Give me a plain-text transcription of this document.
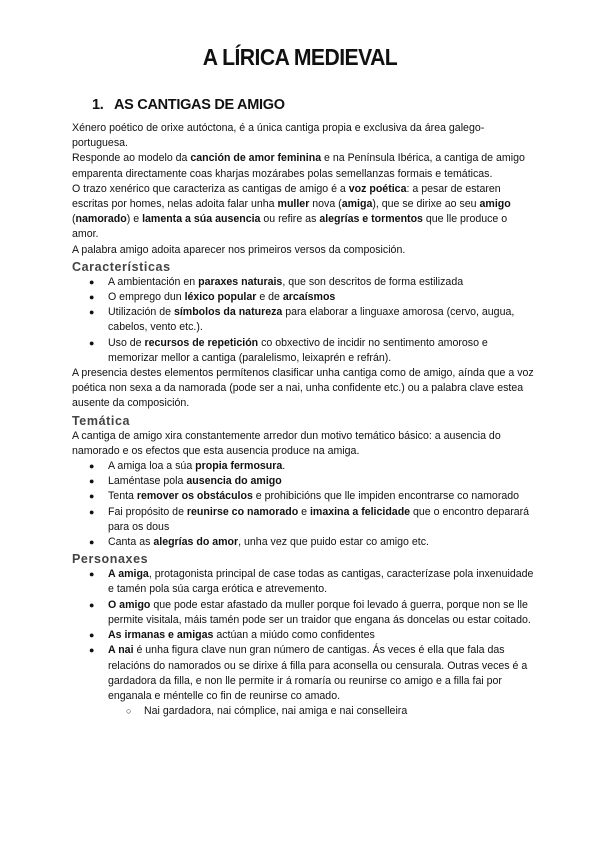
A LÍRICA MEDIEVAL
1. AS CANTIGAS DE AMIGO

Xénero poético de orixe autóctona, é a única cantiga propia e exclusiva da área galego-portuguesa.

Responde ao modelo da canción de amor feminina e na Península Ibérica, a cantiga de amigo emparenta directamente coas kharjas mozárabes polas semellanzas formais e temáticas.

O trazo xenérico que caracteriza as cantigas de amigo é a voz poética: a pesar de estaren escritas por homes, nelas adoita falar unha muller nova (amiga), que se dirixe ao seu amigo (namorado) e lamenta a súa ausencia ou refire as alegrías e tormentos que lle produce o amor.

A palabra amigo adoita aparecer nos primeiros versos da composición.

Características
● A ambientación en paraxes naturais, que son descritos de forma estilizada
● O emprego dun léxico popular e de arcaísmos
● Utilización de símbolos da natureza para elaborar a linguaxe amorosa (cervo, augua, cabelos, vento etc.).
● Uso de recursos de repetición co obxectivo de incidir no sentimento amoroso e memorizar mellor a cantiga (paralelismo, leixaprén e refrán).

A presencia destes elementos permítenos clasificar unha cantiga como de amigo, aínda que a voz poética non sexa a da namorada (pode ser a nai, unha confidente etc.) ou a palabra clave estea ausente da composición.

Temática

A cantiga de amigo xira constantemente arredor dun motivo temático básico: a ausencia do namorado e os efectos que esta ausencia produce na amiga.

● A amiga loa a súa propia fermosura.
● Laméntase pola ausencia do amigo
● Tenta remover os obstáculos e prohibicións que lle impiden encontrarse co namorado
● Fai propósito de reunirse co namorado e imaxina a felicidade que o encontro deparará para os dous
● Canta as alegrías do amor, unha vez que puido estar co amigo etc.
Personaxes
● A amiga, protagonista principal de case todas as cantigas, caracterízase pola inxenuidade e tamén pola súa carga erótica e atrevemento.
● O amigo que pode estar afastado da muller porque foi levado á guerra, porque non se lle permite visitala, máis tamén pode ser un traidor que engana ás doncelas ou estar coitado.
● As irmanas e amigas actúan a miúdo como confidentes
● A nai é unha figura clave nun gran número de cantigas. Ás veces é ella que fala das relacións do namorados ou se dirixe á filla para aconsella ou censurala. Outras veces é a gardadora da filla, e non lle permite ir á romaría ou reunirse co amigo e a filla fai por enganala e méntelle co fin de reunirse co amado.
○ Nai gardadora, nai cómplice, nai amiga e nai conselleira
